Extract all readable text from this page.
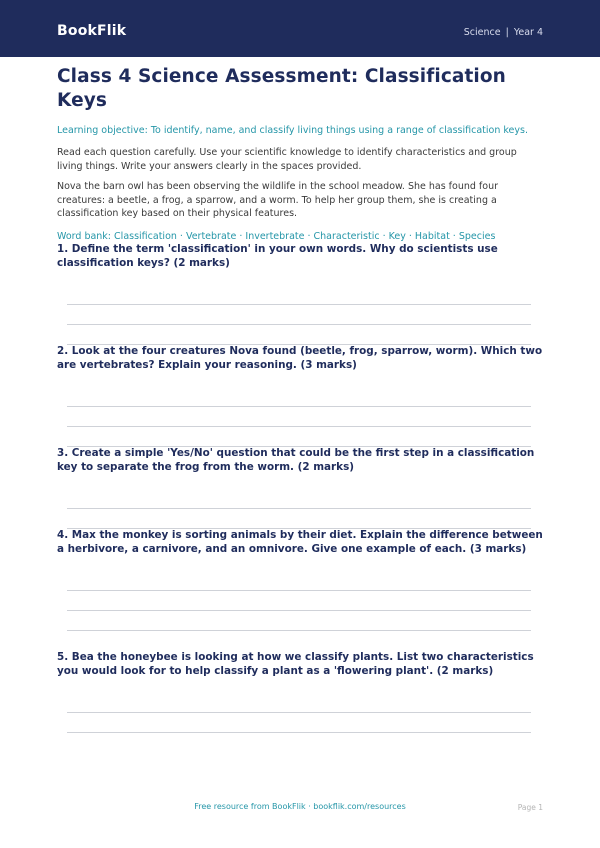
BookFlik	Science | Year 4
Class 4 Science Assessment: Classification Keys

Learning objective: To identify, name, and classify living things using a range of classification keys.

Read each question carefully. Use your scientific knowledge to identify characteristics and group living things. Write your answers clearly in the spaces provided.

Nova the barn owl has been observing the wildlife in the school meadow. She has found four creatures: a beetle, a frog, a sparrow, and a worm. To help her group them, she is creating a classification key based on their physical features.

Word bank: Classification · Vertebrate · Invertebrate · Characteristic · Key · Habitat · Species

1. Define the term 'classification' in your own words. Why do scientists use classification keys? (2 marks)

2. Look at the four creatures Nova found (beetle, frog, sparrow, worm). Which two are vertebrates? Explain your reasoning. (3 marks)

3. Create a simple 'Yes/No' question that could be the first step in a classification key to separate the frog from the worm. (2 marks)

4. Max the monkey is sorting animals by their diet. Explain the difference between a herbivore, a carnivore, and an omnivore. Give one example of each. (3 marks)

5. Bea the honeybee is looking at how we classify plants. List two characteristics you would look for to help classify a plant as a 'flowering plant'. (2 marks)

Free resource from BookFlik · bookflik.com/resources	Page 1
